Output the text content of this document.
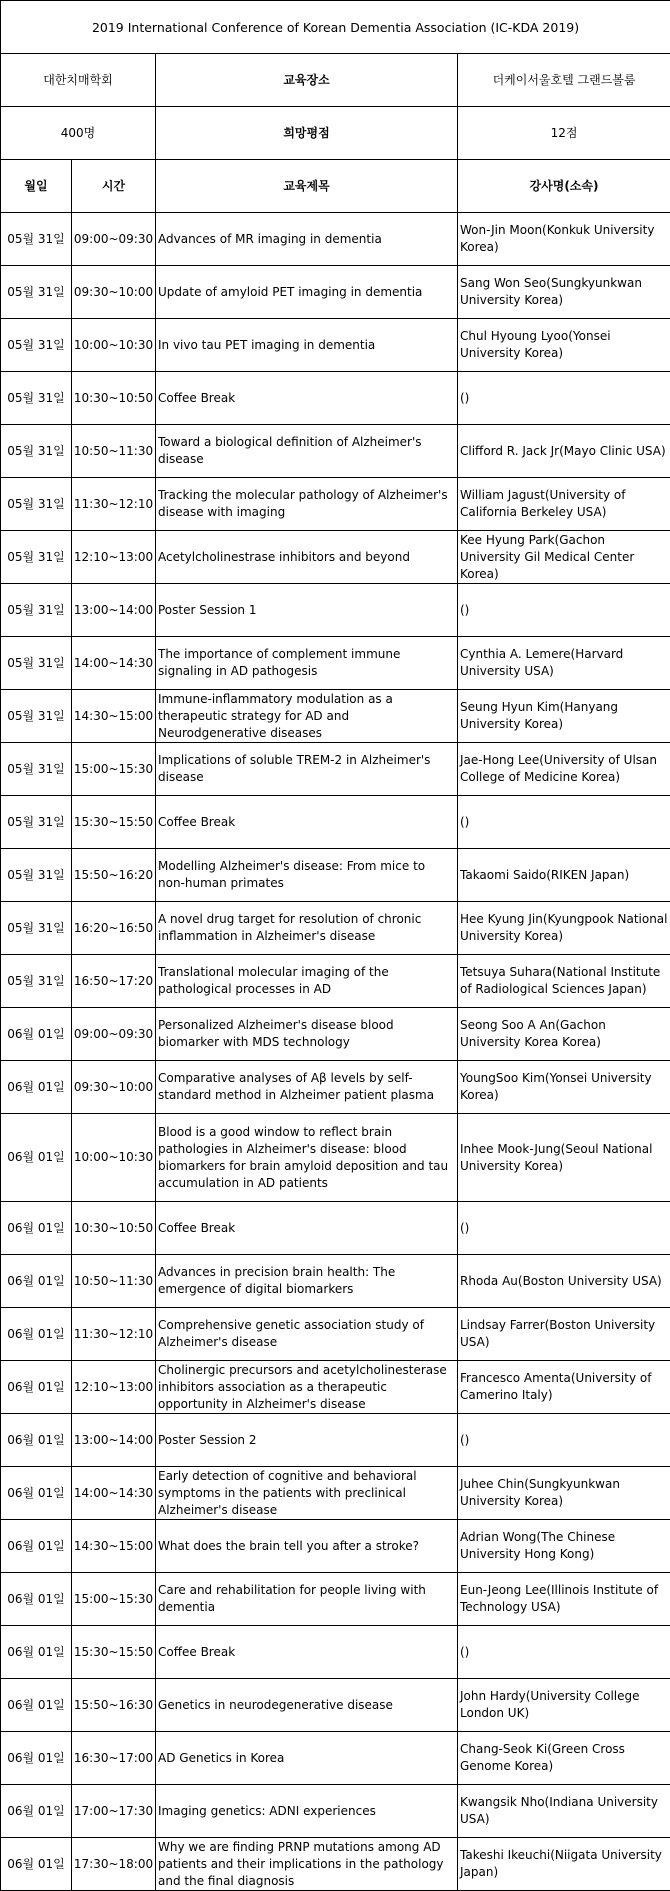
2019 International Conference of Korean Dementia Association (IC-KDA 2019)			
대한치매학회		교육장소	더케이서울호텔 그랜드볼룸
400명		희망평점	12점
월일	시간	교육제목	강사명(소속)
05월 31일	09:00~09:30	Advances of MR imaging in dementia	Won-Jin Moon(Konkuk University Korea)
05월 31일	09:30~10:00	Update of amyloid PET imaging in dementia	Sang Won Seo(Sungkyunkwan University Korea)
05월 31일	10:00~10:30	In vivo tau PET imaging in dementia	Chul Hyoung Lyoo(Yonsei University Korea)
05월 31일	10:30~10:50	Coffee Break	()
05월 31일	10:50~11:30	Toward a biological definition of Alzheimer's disease	Clifford R. Jack Jr(Mayo Clinic USA)
05월 31일	11:30~12:10	Tracking the molecular pathology of Alzheimer's disease with imaging	William Jagust(University of California Berkeley USA)
05월 31일	12:10~13:00	Acetylcholinestrase inhibitors and beyond	Kee Hyung Park(Gachon University Gil Medical Center Korea)
05월 31일	13:00~14:00	Poster Session 1	()
05월 31일	14:00~14:30	The importance of complement immune signaling in AD pathogesis	Cynthia A. Lemere(Harvard University USA)
05월 31일	14:30~15:00	Immune-inflammatory modulation as a therapeutic strategy for AD and Neurodgenerative diseases	Seung Hyun Kim(Hanyang University Korea)
05월 31일	15:00~15:30	Implications of soluble TREM-2 in Alzheimer's disease	Jae-Hong Lee(University of Ulsan College of Medicine Korea)
05월 31일	15:30~15:50	Coffee Break	()
05월 31일	15:50~16:20	Modelling Alzheimer's disease: From mice to non-human primates	Takaomi Saido(RIKEN Japan)
05월 31일	16:20~16:50	A novel drug target for resolution of chronic inflammation in Alzheimer's disease	Hee Kyung Jin(Kyungpook National University Korea)
05월 31일	16:50~17:20	Translational molecular imaging of the pathological processes in AD	Tetsuya Suhara(National Institute of Radiological Sciences Japan)
06월 01일	09:00~09:30	Personalized Alzheimer's disease blood biomarker with MDS technology	Seong Soo A An(Gachon University Korea Korea)
06월 01일	09:30~10:00	Comparative analyses of Aβ levels by self-standard method in Alzheimer patient plasma	YoungSoo Kim(Yonsei University Korea)
06월 01일	10:00~10:30	Blood is a good window to reflect brain pathologies in Alzheimer's disease: blood biomarkers for brain amyloid deposition and tau accumulation in AD patients	Inhee Mook-Jung(Seoul National University Korea)
06월 01일	10:30~10:50	Coffee Break	()
06월 01일	10:50~11:30	Advances in precision brain health: The emergence of digital biomarkers	Rhoda Au(Boston University USA)
06월 01일	11:30~12:10	Comprehensive genetic association study of Alzheimer's disease	Lindsay Farrer(Boston University USA)
06월 01일	12:10~13:00	Cholinergic precursors and acetylcholinesterase inhibitors association as a therapeutic opportunity in Alzheimer's disease	Francesco Amenta(University of Camerino Italy)
06월 01일	13:00~14:00	Poster Session 2	()
06월 01일	14:00~14:30	Early detection of cognitive and behavioral symptoms in the patients with preclinical Alzheimer's disease	Juhee Chin(Sungkyunkwan University Korea)
06월 01일	14:30~15:00	What does the brain tell you after a stroke?	Adrian Wong(The Chinese University Hong Kong)
06월 01일	15:00~15:30	Care and rehabilitation for people living with dementia	Eun-Jeong Lee(Illinois Institute of Technology USA)
06월 01일	15:30~15:50	Coffee Break	()
06월 01일	15:50~16:30	Genetics in neurodegenerative disease	John Hardy(University College London UK)
06월 01일	16:30~17:00	AD Genetics in Korea	Chang-Seok Ki(Green Cross Genome Korea)
06월 01일	17:00~17:30	Imaging genetics: ADNI experiences	Kwangsik Nho(Indiana University USA)
06월 01일	17:30~18:00	Why we are finding PRNP mutations among AD patients and their implications in the pathology and the final diagnosis	Takeshi Ikeuchi(Niigata University Japan)
